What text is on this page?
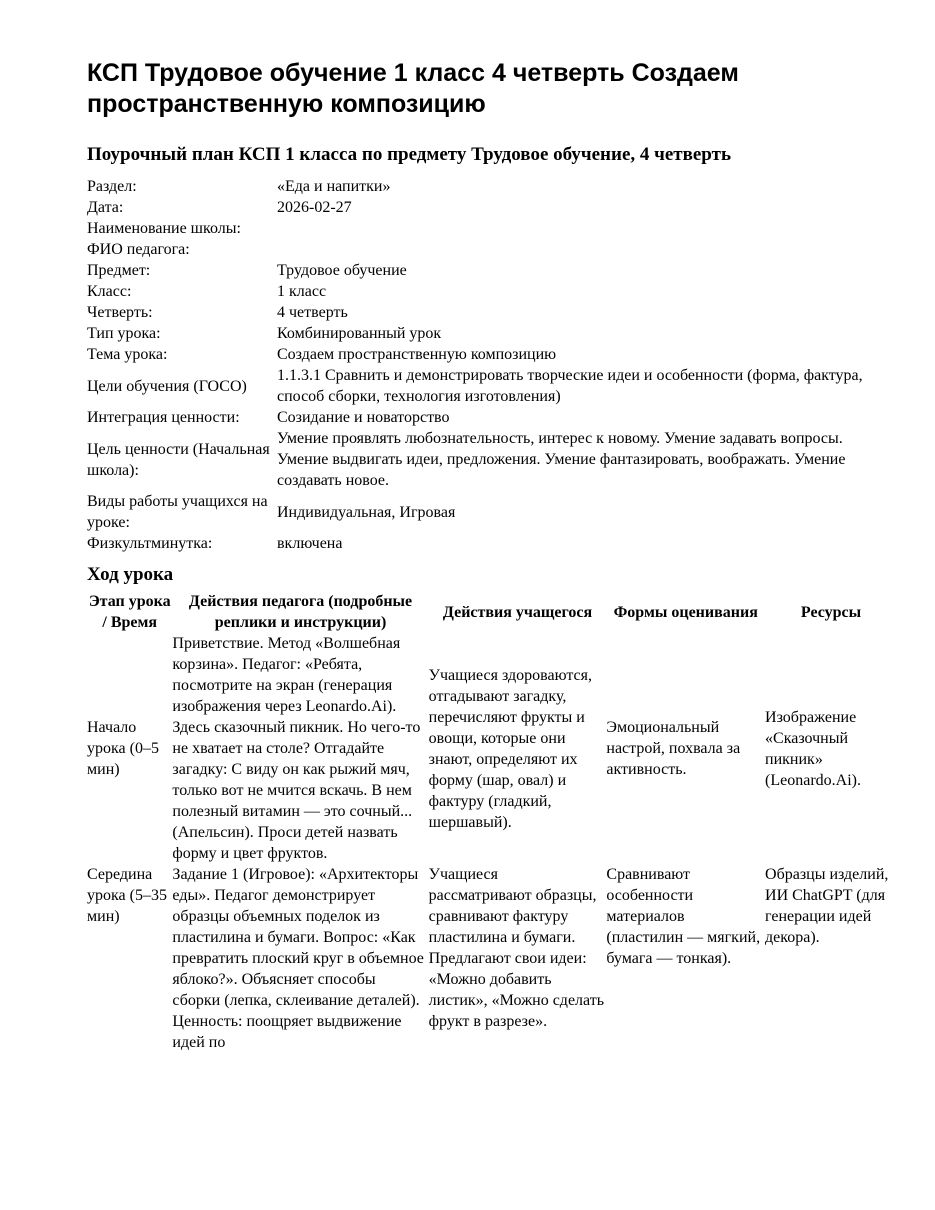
КСП Трудовое обучение 1 класс 4 четверть Создаем пространственную композицию
Поурочный план КСП 1 класса по предмету Трудовое обучение, 4 четверть
Раздел:	«Еда и напитки»
Дата:	2026-02-27
Наименование школы:	
ФИО педагога:	
Предмет:	Трудовое обучение
Класс:	1 класс
Четверть:	4 четверть
Тип урока:	Комбинированный урок
Тема урока:	Создаем пространственную композицию
Цели обучения (ГОСО)	1.1.3.1 Сравнить и демонстрировать творческие идеи и особенности (форма, фактура, способ сборки, технология изготовления)
Интеграция ценности:	Созидание и новаторство
Цель ценности (Начальная школа):	Умение проявлять любознательность, интерес к новому. Умение задавать вопросы. Умение выдвигать идеи, предложения. Умение фантазировать, воображать. Умение создавать новое.
Виды работы учащихся на уроке:	Индивидуальная, Игровая
Физкультминутка:	включена
Ход урока
Этап урока / Время	Действия педагога (подробные реплики и инструкции)	Действия учащегося	Формы оценивания	Ресурсы
Начало урока (0–5 мин)	Приветствие. Метод «Волшебная корзина». Педагог: «Ребята, посмотрите на экран (генерация изображения через Leonardo.Ai). Здесь сказочный пикник. Но чего-то не хватает на столе? Отгадайте загадку: С виду он как рыжий мяч, только вот не мчится вскачь. В нем полезный витамин — это сочный... (Апельсин). Проси детей назвать форму и цвет фруктов.	Учащиеся здороваются, отгадывают загадку, перечисляют фрукты и овощи, которые они знают, определяют их форму (шар, овал) и фактуру (гладкий, шершавый).	Эмоциональный настрой, похвала за активность.	Изображение «Сказочный пикник» (Leonardo.Ai).
Середина урока (5–35 мин)	Задание 1 (Игровое): «Архитекторы еды». Педагог демонстрирует образцы объемных поделок из пластилина и бумаги. Вопрос: «Как превратить плоский круг в объемное яблоко?». Объясняет способы сборки (лепка, склеивание деталей). Ценность: поощряет выдвижение идей по	Учащиеся рассматривают образцы, сравнивают фактуру пластилина и бумаги. Предлагают свои идеи: «Можно добавить листик», «Можно сделать фрукт в разрезе».	Сравнивают особенности материалов (пластилин — мягкий, бумага — тонкая).	Образцы изделий, ИИ ChatGPT (для генерации идей декора).
